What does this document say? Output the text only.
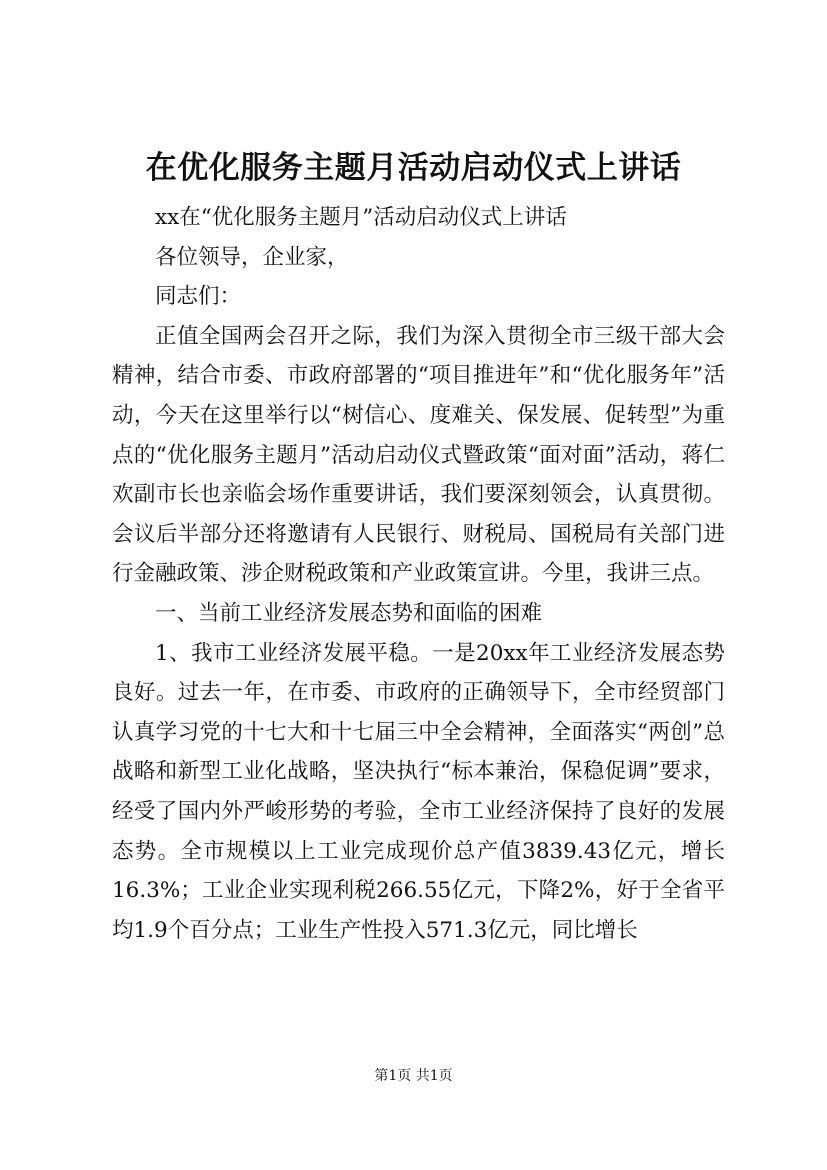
在优化服务主题月活动启动仪式上讲话

xx在“优化服务主题月”活动启动仪式上讲话

各位领导，企业家，

同志们：

正值全国两会召开之际，我们为深入贯彻全市三级干部大会精神，结合市委、市政府部署的“项目推进年”和“优化服务年”活动，今天在这里举行以“树信心、度难关、保发展、促转型”为重点的“优化服务主题月”活动启动仪式暨政策“面对面”活动，蒋仁欢副市长也亲临会场作重要讲话，我们要深刻领会，认真贯彻。会议后半部分还将邀请有人民银行、财税局、国税局有关部门进行金融政策、涉企财税政策和产业政策宣讲。今里，我讲三点。

一、当前工业经济发展态势和面临的困难

1、我市工业经济发展平稳。一是20xx年工业经济发展态势良好。过去一年，在市委、市政府的正确领导下，全市经贸部门认真学习党的十七大和十七届三中全会精神，全面落实“两创”总战略和新型工业化战略，坚决执行“标本兼治，保稳促调”要求，经受了国内外严峻形势的考验，全市工业经济保持了良好的发展态势。全市规模以上工业完成现价总产值3839.43亿元，增长16.3%；工业企业实现利税266.55亿元，下降2%，好于全省平均1.9个百分点；工业生产性投入571.3亿元，同比增长

第1页 共1页
